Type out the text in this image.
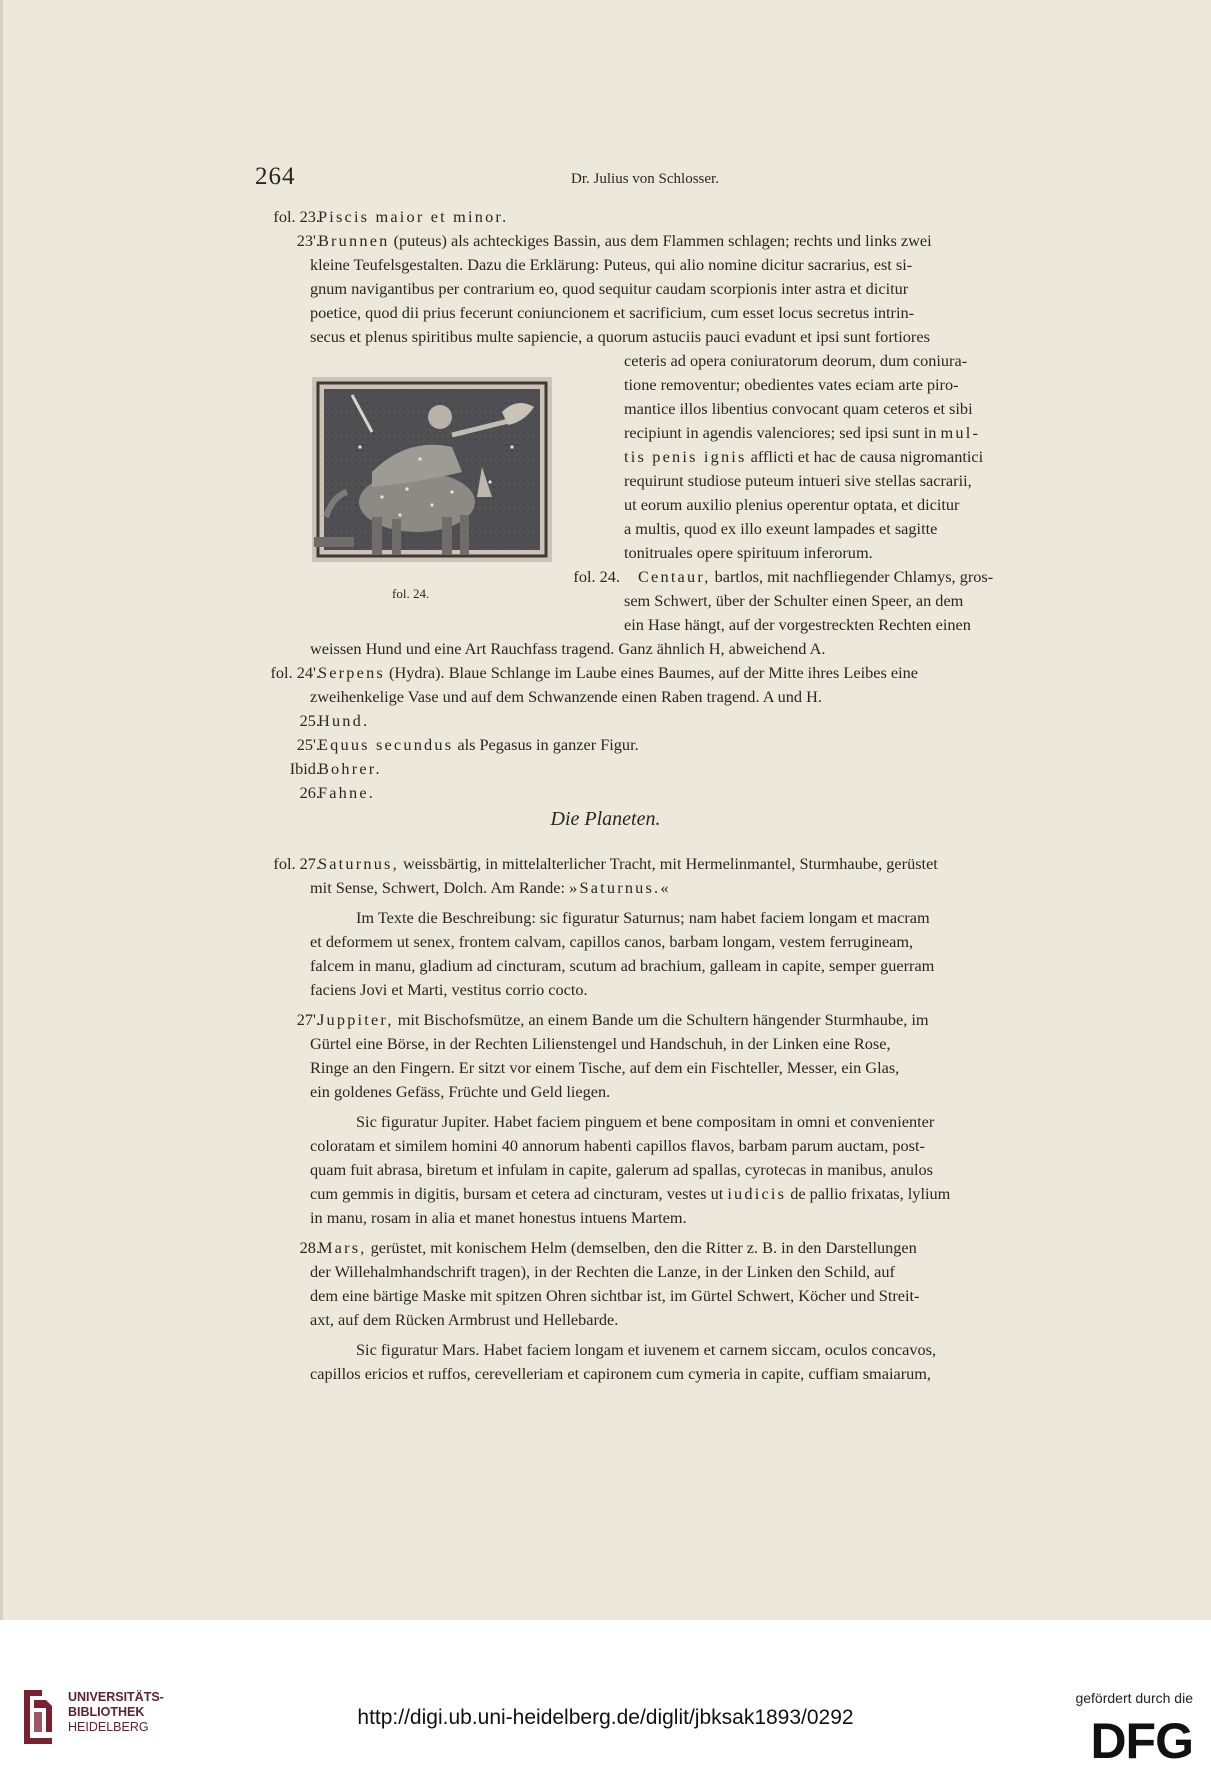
264	Dr. Julius von Schlosser.
fol. 23.
Piscis maior et minor.
23'.
Brunnen (puteus) als achteckiges Bassin, aus dem Flammen schlagen; rechts und links zwei
kleine Teufelsgestalten. Dazu die Erklärung: Puteus, qui alio nomine dicitur sacrarius, est si-
gnum navigantibus per contrarium eo, quod sequitur caudam scorpionis inter astra et dicitur
poetice, quod dii prius fecerunt coniuncionem et sacrificium, cum esset locus secretus intrin-
secus et plenus spiritibus multe sapiencie, a quorum astuciis pauci evadunt et ipsi sunt fortiores
ceteris ad opera coniuratorum deorum, dum coniura-
tione removentur; obedientes vates eciam arte piro-
mantice illos libentius convocant quam ceteros et sibi
recipiunt in agendis valenciores; sed ipsi sunt in mul-
tis penis ignis afflicti et hac de causa nigromantici
requirunt studiose puteum intueri sive stellas sacrarii,
ut eorum auxilio plenius operentur optata, et dicitur
a multis, quod ex illo exeunt lampades et sagitte
tonitruales opere spirituum inferorum.
fol. 24. Centaur, bartlos, mit nachfliegender Chlamys, gros-
sem Schwert, über der Schulter einen Speer, an dem
ein Hase hängt, auf der vorgestreckten Rechten einen
weissen Hund und eine Art Rauchfass tragend. Ganz ähnlich H, abweichend A.
fol. 24'.
Serpens (Hydra). Blaue Schlange im Laube eines Baumes, auf der Mitte ihres Leibes eine
zweihenkelige Vase und auf dem Schwanzende einen Raben tragend. A und H.
25.
Hund.
25'.
Equus secundus als Pegasus in ganzer Figur.
Ibid.
Bohrer.
26.
Fahne.
fol. 24.
Die Planeten.
fol. 27.
Saturnus, weissbärtig, in mittelalterlicher Tracht, mit Hermelinmantel, Sturmhaube, gerüstet
mit Sense, Schwert, Dolch. Am Rande: »Saturnus.«
Im Texte die Beschreibung: sic figuratur Saturnus; nam habet faciem longam et macram
et deformem ut senex, frontem calvam, capillos canos, barbam longam, vestem ferrugineam,
falcem in manu, gladium ad cincturam, scutum ad brachium, galleam in capite, semper guerram
faciens Jovi et Marti, vestitus corrio cocto.
27'.
Juppiter, mit Bischofsmütze, an einem Bande um die Schultern hängender Sturmhaube, im
Gürtel eine Börse, in der Rechten Lilienstengel und Handschuh, in der Linken eine Rose,
Ringe an den Fingern. Er sitzt vor einem Tische, auf dem ein Fischteller, Messer, ein Glas,
ein goldenes Gefäss, Früchte und Geld liegen.
Sic figuratur Jupiter. Habet faciem pinguem et bene compositam in omni et convenienter
coloratam et similem homini 40 annorum habenti capillos flavos, barbam parum auctam, post-
quam fuit abrasa, biretum et infulam in capite, galerum ad spallas, cyrotecas in manibus, anulos
cum gemmis in digitis, bursam et cetera ad cincturam, vestes ut iudicis de pallio frixatas, lylium
in manu, rosam in alia et manet honestus intuens Martem.
28.
Mars, gerüstet, mit konischem Helm (demselben, den die Ritter z. B. in den Darstellungen
der Willehalmhandschrift tragen), in der Rechten die Lanze, in der Linken den Schild, auf
dem eine bärtige Maske mit spitzen Ohren sichtbar ist, im Gürtel Schwert, Köcher und Streit-
axt, auf dem Rücken Armbrust und Hellebarde.
Sic figuratur Mars. Habet faciem longam et iuvenem et carnem siccam, oculos concavos,
capillos ericios et ruffos, cerevelleriam et capironem cum cymeria in capite, cuffiam smaiarum,
UNIVERSITÄTS-
BIBLIOTHEK
HEIDELBERG	http://digi.ub.uni-heidelberg.de/diglit/jbksak1893/0292
gefördert durch die
DFG
